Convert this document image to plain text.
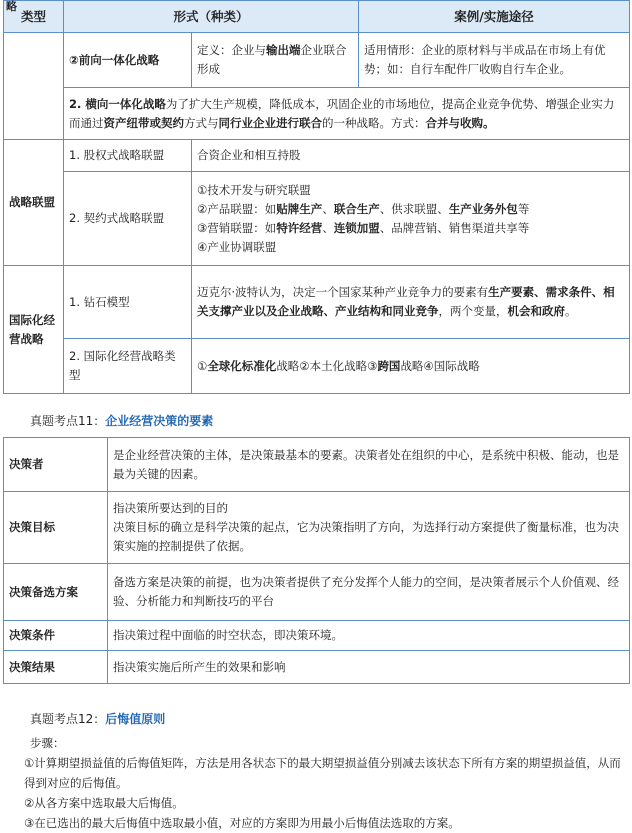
略
类型	形式（种类）		案例/实施途径
	②前向一体化战略	定义：企业与输出端企业联合形成	适用情形：企业的原材料与半成品在市场上有优势；如：自行车配件厂收购自行车企业。
	2. 横向一体化战略为了扩大生产规模，降低成本，巩固企业的市场地位，提高企业竞争优势、增强企业实力而通过资产纽带或契约方式与同行业企业进行联合的一种战略。方式：合并与收购。		
战略联盟	1. 股权式战略联盟	合资企业和相互持股	
	2. 契约式战略联盟	①技术开发与研究联盟
②产品联盟：如贴牌生产、联合生产、供求联盟、生产业务外包等
③营销联盟：如特许经营、连锁加盟、品牌营销、销售渠道共享等
④产业协调联盟	

国际化经营战略	1. 钻石模型	迈克尔·波特认为，决定一个国家某种产业竞争力的要素有生产要素、需求条件、相关支撑产业以及企业战略、产业结构和同业竞争，两个变量，机会和政府。	
	2. 国际化经营战略类型	①全球化标准化战略②本土化战略③跨国战略④国际战略	
真题考点11：企业经营决策的要素
决策者	是企业经营决策的主体，是决策最基本的要素。决策者处在组织的中心，是系统中积极、能动，也是最为关键的因素。
决策目标	指决策所要达到的目的
决策目标的确立是科学决策的起点，它为决策指明了方向，为选择行动方案提供了衡量标准，也为决策实施的控制提供了依据。
决策备选方案	备选方案是决策的前提，也为决策者提供了充分发挥个人能力的空间，是决策者展示个人价值观、经验、分析能力和判断技巧的平台
决策条件	指决策过程中面临的时空状态，即决策环境。
决策结果	指决策实施后所产生的效果和影响
真题考点12：后悔值原则
步骤：
①计算期望损益值的后悔值矩阵，方法是用各状态下的最大期望损益值分别减去该状态下所有方案的期望损益值，从而得到对应的后悔值。
②从各方案中选取最大后悔值。
③在已选出的最大后悔值中选取最小值，对应的方案即为用最小后悔值法选取的方案。
